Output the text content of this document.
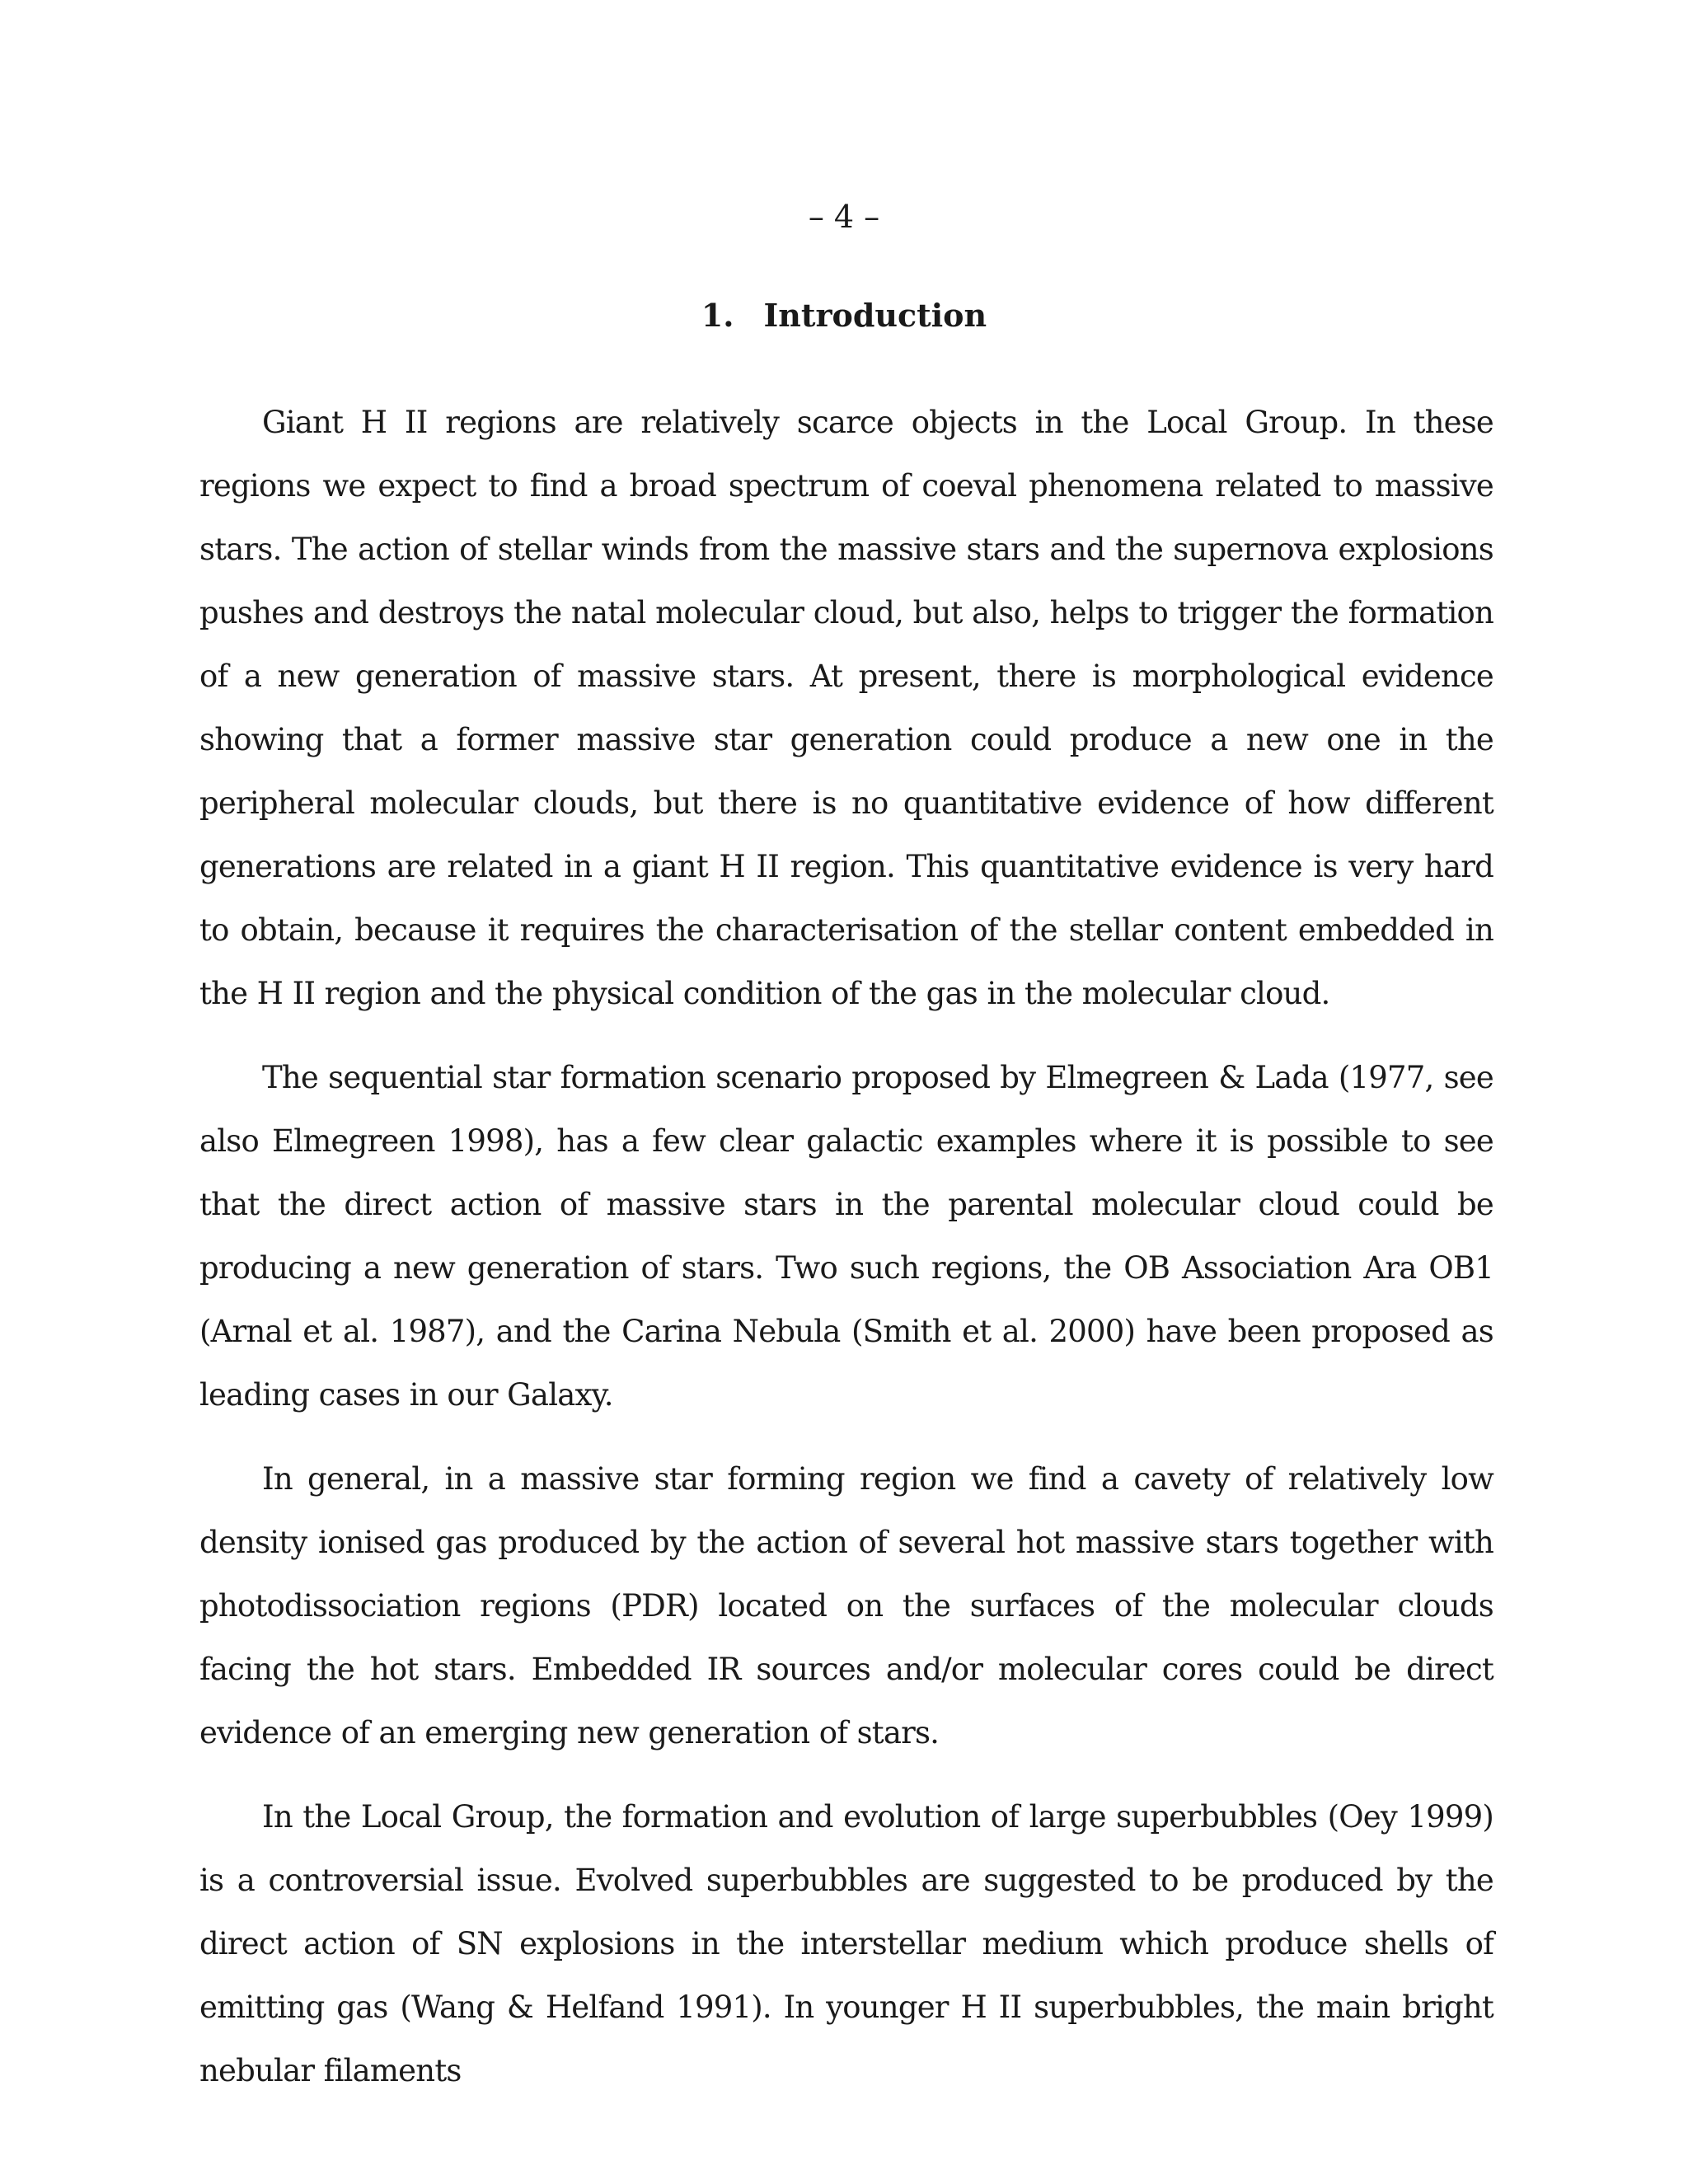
– 4 –
1. Introduction

Giant H II regions are relatively scarce objects in the Local Group. In these regions we expect to find a broad spectrum of coeval phenomena related to massive stars. The action of stellar winds from the massive stars and the supernova explosions pushes and destroys the natal molecular cloud, but also, helps to trigger the formation of a new generation of massive stars. At present, there is morphological evidence showing that a former massive star generation could produce a new one in the peripheral molecular clouds, but there is no quantitative evidence of how different generations are related in a giant H II region. This quantitative evidence is very hard to obtain, because it requires the characterisation of the stellar content embedded in the H II region and the physical condition of the gas in the molecular cloud.

The sequential star formation scenario proposed by Elmegreen & Lada (1977, see also Elmegreen 1998), has a few clear galactic examples where it is possible to see that the direct action of massive stars in the parental molecular cloud could be producing a new generation of stars. Two such regions, the OB Association Ara OB1 (Arnal et al. 1987), and the Carina Nebula (Smith et al. 2000) have been proposed as leading cases in our Galaxy.

In general, in a massive star forming region we find a cavety of relatively low density ionised gas produced by the action of several hot massive stars together with photodissociation regions (PDR) located on the surfaces of the molecular clouds facing the hot stars. Embedded IR sources and/or molecular cores could be direct evidence of an emerging new generation of stars.

In the Local Group, the formation and evolution of large superbubbles (Oey 1999) is a controversial issue. Evolved superbubbles are suggested to be produced by the direct action of SN explosions in the interstellar medium which produce shells of emitting gas (Wang & Helfand 1991). In younger H II superbubbles, the main bright nebular filaments
